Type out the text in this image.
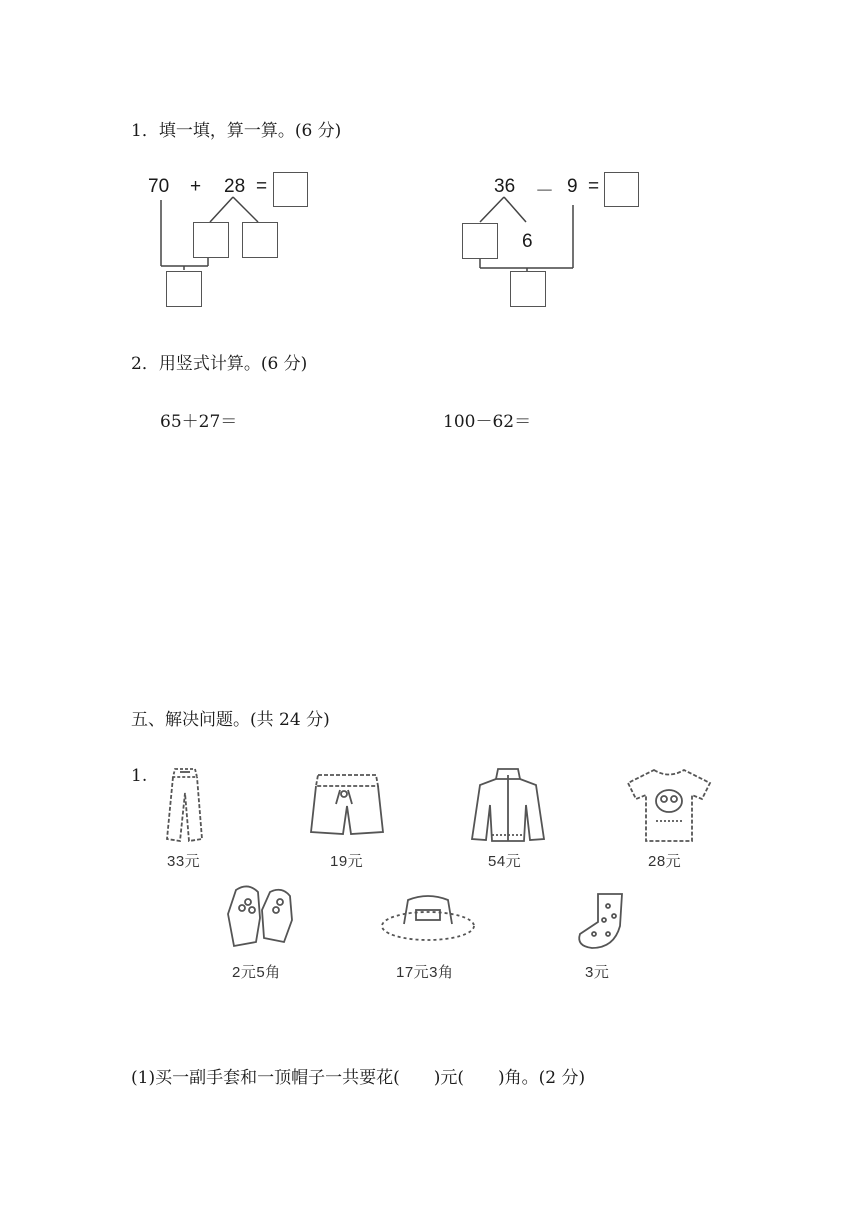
1．填一填，算一算。(6 分)
70 + 28 =	36 － 9 =
6
2．用竖式计算。(6 分)
65＋27＝	100－62＝
五、解决问题。(共 24 分)
1.
33元	19元	54元	28元
2元5角	17元3角	3元
(1)买一副手套和一顶帽子一共要花(　　)元(　　)角。(2 分)
